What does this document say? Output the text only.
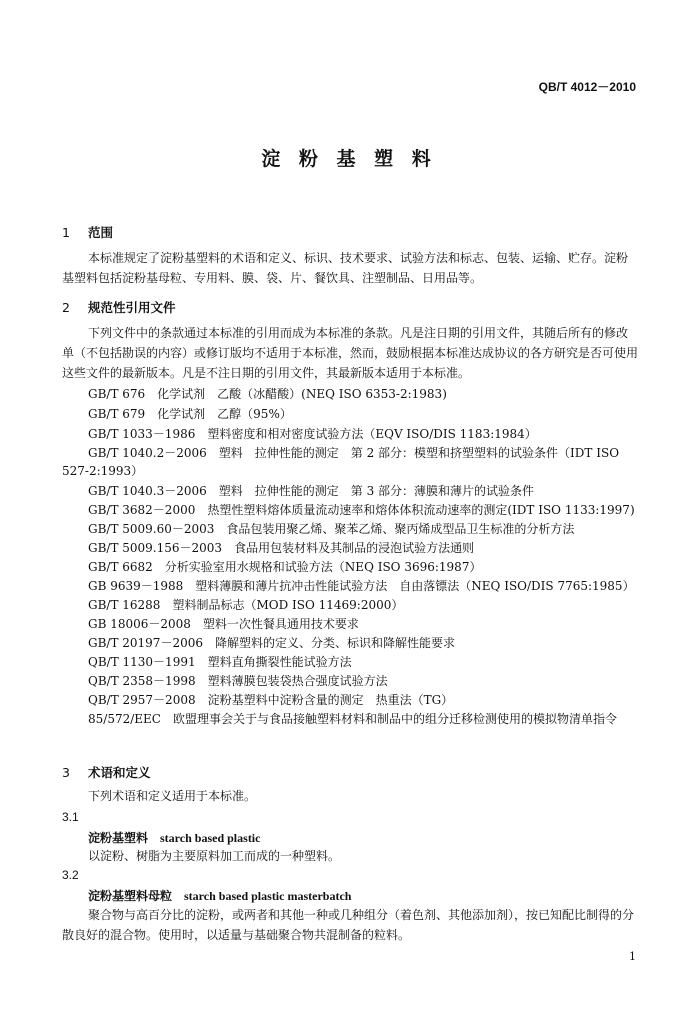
QB/T 4012－2010
淀 粉 基 塑 料
1 范围
本标准规定了淀粉基塑料的术语和定义、标识、技术要求、试验方法和标志、包装、运输、贮存。淀粉基塑料包括淀粉基母粒、专用料、膜、袋、片、餐饮具、注塑制品、日用品等。
2 规范性引用文件
下列文件中的条款通过本标准的引用而成为本标准的条款。凡是注日期的引用文件，其随后所有的修改单（不包括勘误的内容）或修订版均不适用于本标准，然而，鼓励根据本标准达成协议的各方研究是否可使用这些文件的最新版本。凡是不注日期的引用文件，其最新版本适用于本标准。
GB/T 676　化学试剂　乙酸（冰醋酸）(NEQ ISO 6353-2:1983)
GB/T 679　化学试剂　乙醇（95%）
GB/T 1033－1986　塑料密度和相对密度试验方法（EQV ISO/DIS 1183:1984）
GB/T 1040.2－2006　塑料　拉伸性能的测定　第 2 部分：模塑和挤塑塑料的试验条件（IDT ISO 527-2:1993）
GB/T 1040.3－2006　塑料　拉伸性能的测定　第 3 部分：薄膜和薄片的试验条件
GB/T 3682－2000　热塑性塑料熔体质量流动速率和熔体体积流动速率的测定(IDT ISO 1133:1997)
GB/T 5009.60－2003　食品包装用聚乙烯、聚苯乙烯、聚丙烯成型品卫生标准的分析方法
GB/T 5009.156－2003　食品用包装材料及其制品的浸泡试验方法通则
GB/T 6682　分析实验室用水规格和试验方法（NEQ ISO 3696:1987）
GB 9639－1988　塑料薄膜和薄片抗冲击性能试验方法　自由落镖法（NEQ ISO/DIS 7765:1985）
GB/T 16288　塑料制品标志（MOD ISO 11469:2000）
GB 18006－2008　塑料一次性餐具通用技术要求
GB/T 20197－2006　降解塑料的定义、分类、标识和降解性能要求
QB/T 1130－1991　塑料直角撕裂性能试验方法
QB/T 2358－1998　塑料薄膜包装袋热合强度试验方法
QB/T 2957－2008　淀粉基塑料中淀粉含量的测定　热重法（TG）
85/572/EEC　欧盟理事会关于与食品接触塑料材料和制品中的组分迁移检测使用的模拟物清单指令
3 术语和定义
下列术语和定义适用于本标准。
3.1
淀粉基塑料 starch based plastic
以淀粉、树脂为主要原料加工而成的一种塑料。
3.2
淀粉基塑料母粒 starch based plastic masterbatch
聚合物与高百分比的淀粉，或两者和其他一种或几种组分（着色剂、其他添加剂），按已知配比制得的分散良好的混合物。使用时，以适量与基础聚合物共混制备的粒料。
1
